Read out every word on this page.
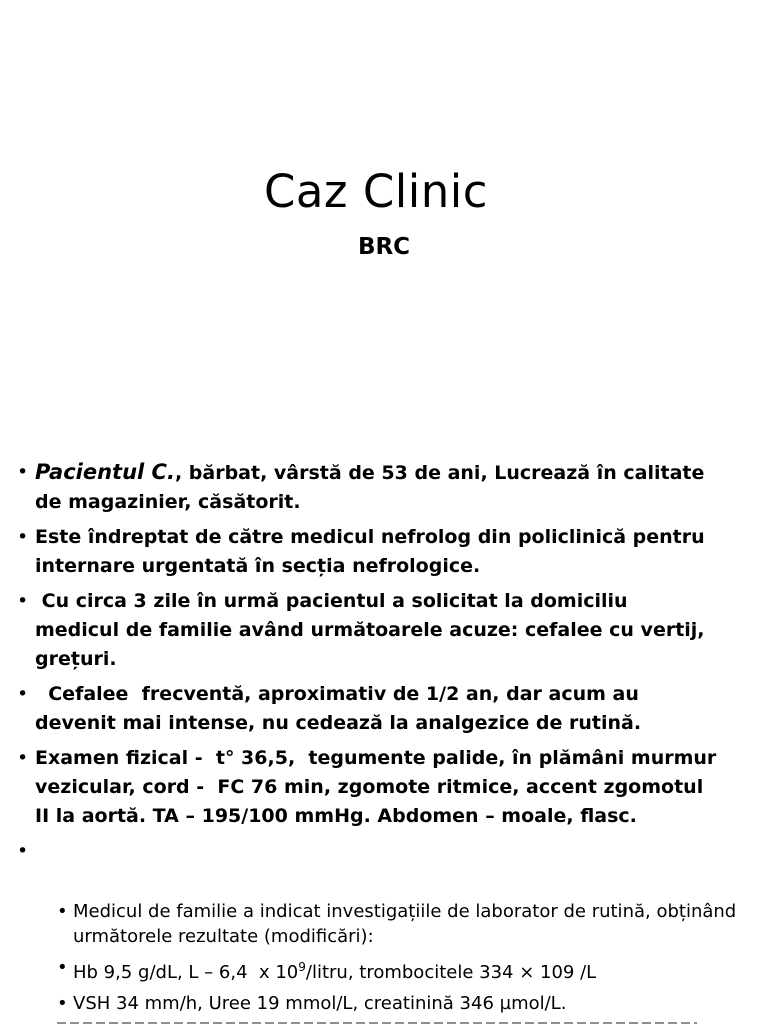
Caz Clinic
BRC
• Pacientul C., bărbat, vârstă de 53 de ani, Lucrează în calitate de magazinier, căsătorit.
• Este îndreptat de către medicul nefrolog din policlinică pentru internare urgentată în secția nefrologice.
• Cu circa 3 zile în urmă pacientul a solicitat la domiciliu medicul de familie având următoarele acuze: cefalee cu vertij, grețuri.
• Cefalee  frecventă, aproximativ de 1/2 an, dar acum au devenit mai intense, nu cedează la analgezice de rutină.
• Examen fizical -  t° 36,5,  tegumente palide, în plămâni murmur vezicular, cord -  FC 76 min, zgomote ritmice, accent zgomotul II la aortă. TA – 195/100 mmHg. Abdomen – moale, flasc.
•

• Medicul de familie a indicat investigațiile de laborator de rutină, obținând următorele rezultate (modificări):
• Hb 9,5 g/dL, L – 6,4  x $10^9$/litru, trombocitele 334 × 109 /L
• VSH 34 mm/h, Uree 19 mmol/L, creatinină 346 µmol/L.
